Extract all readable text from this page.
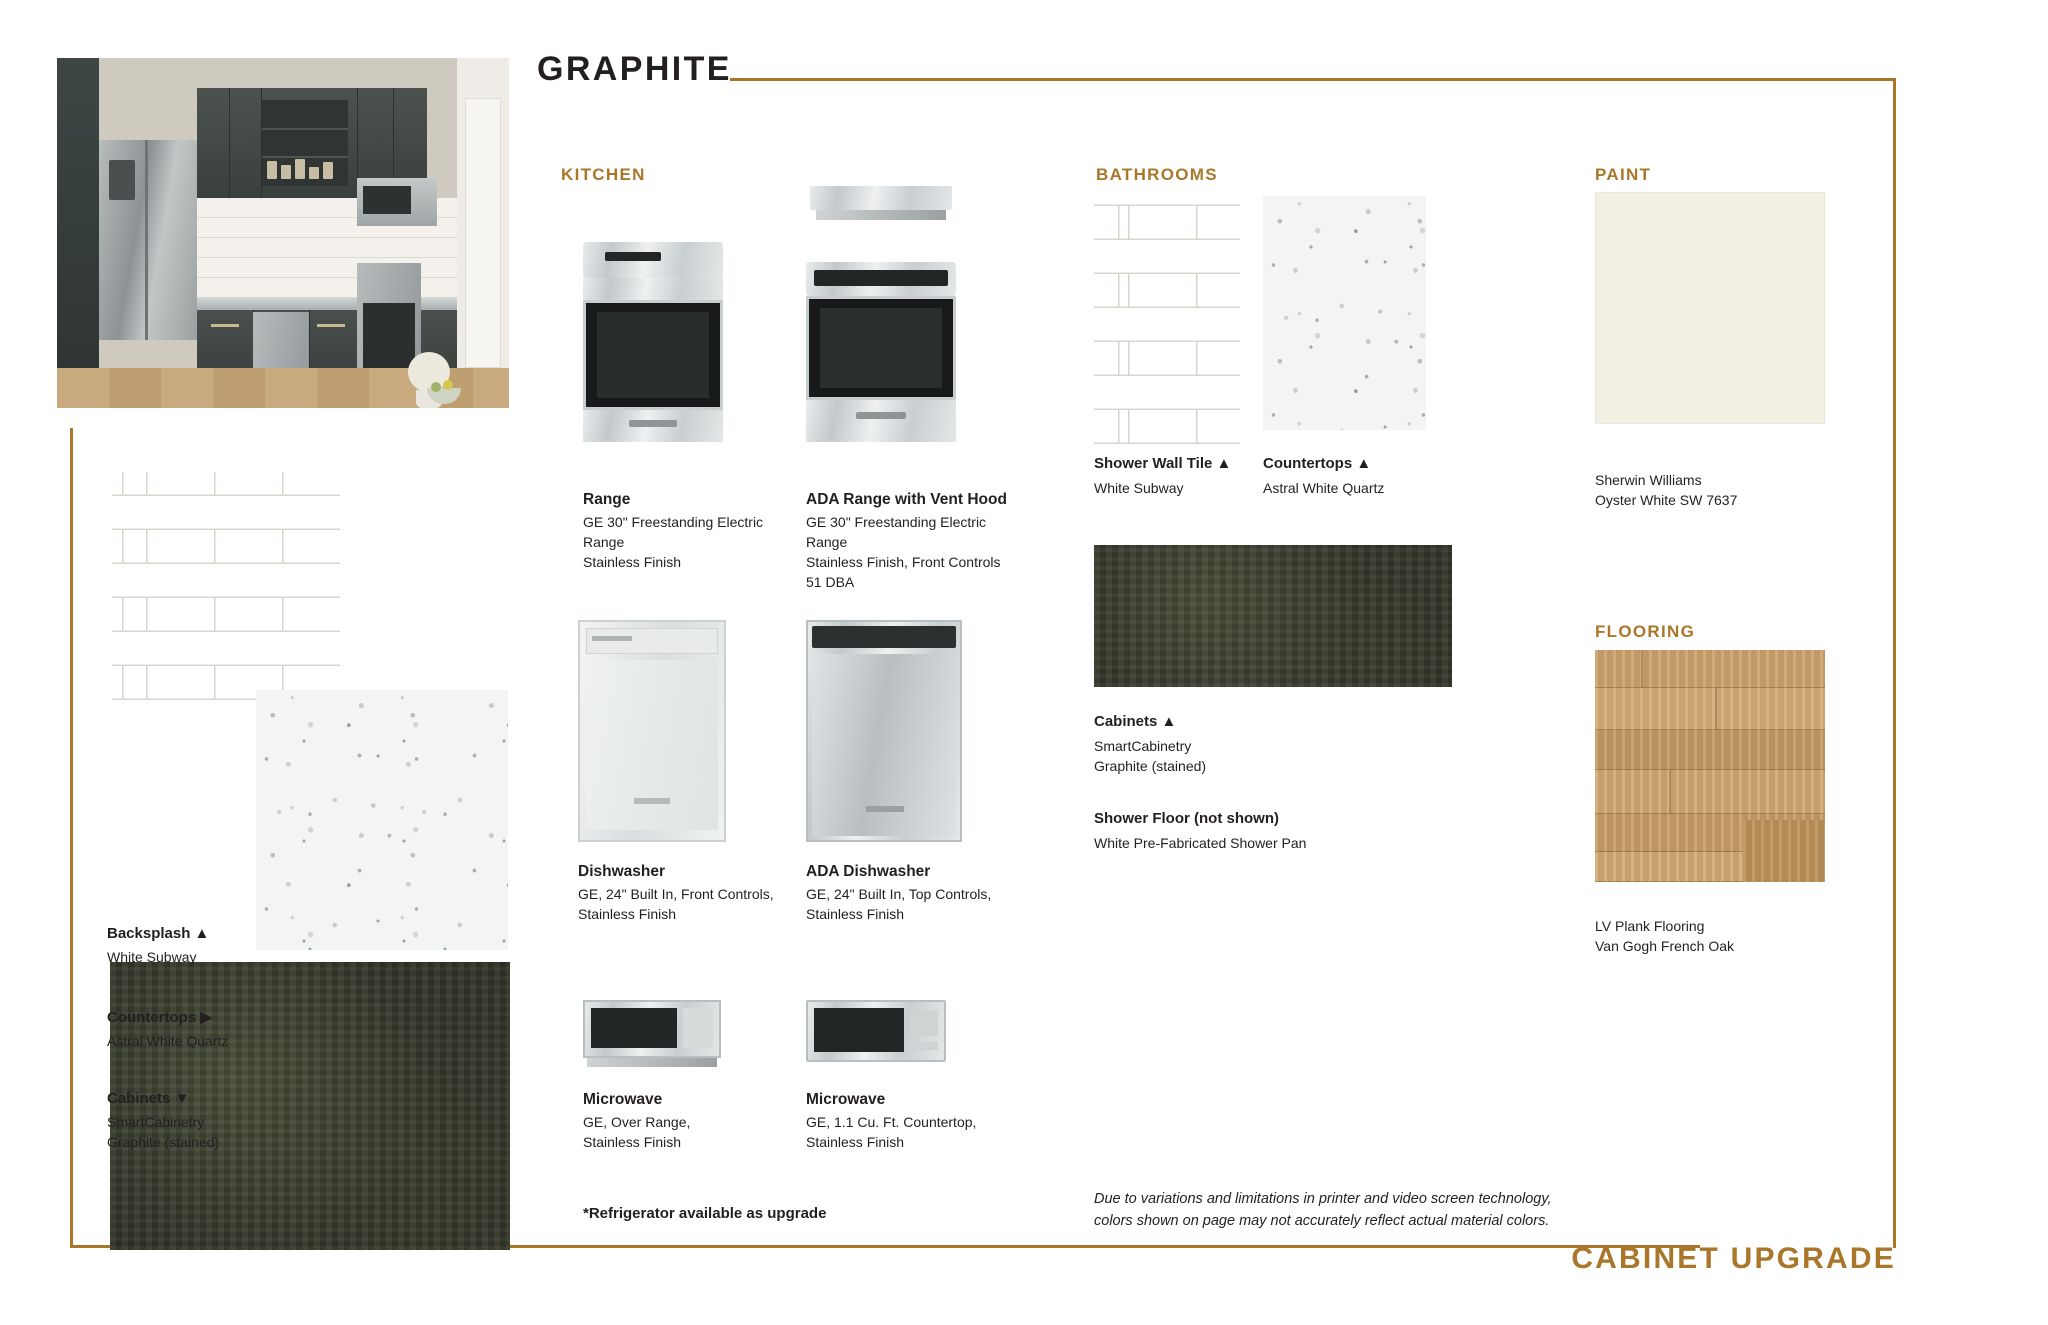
GRAPHITE
CABINET UPGRADE
Backsplash ▲
White Subway
Countertops ▶
Astral White Quartz
Cabinets ▼
SmartCabinetry
Graphite (stained)
KITCHEN
Range
GE 30" Freestanding Electric Range
Stainless Finish
ADA Range with Vent Hood
GE 30" Freestanding Electric Range
Stainless Finish, Front Controls
51 DBA
Dishwasher
GE, 24" Built In, Front Controls,
Stainless Finish
ADA Dishwasher
GE, 24" Built In, Top Controls,
Stainless Finish
Microwave
GE, Over Range,
Stainless Finish
Microwave
GE, 1.1 Cu. Ft. Countertop,
Stainless Finish
*Refrigerator available as upgrade
BATHROOMS
Shower Wall Tile ▲
White Subway
Countertops ▲
Astral White Quartz
Cabinets ▲
SmartCabinetry
Graphite (stained)
Shower Floor (not shown)
White Pre-Fabricated Shower Pan
Due to variations and limitations in printer and video screen technology,
colors shown on page may not accurately reflect actual material colors.
PAINT
Sherwin Williams
Oyster White SW 7637
FLOORING
LV Plank Flooring
Van Gogh French Oak
